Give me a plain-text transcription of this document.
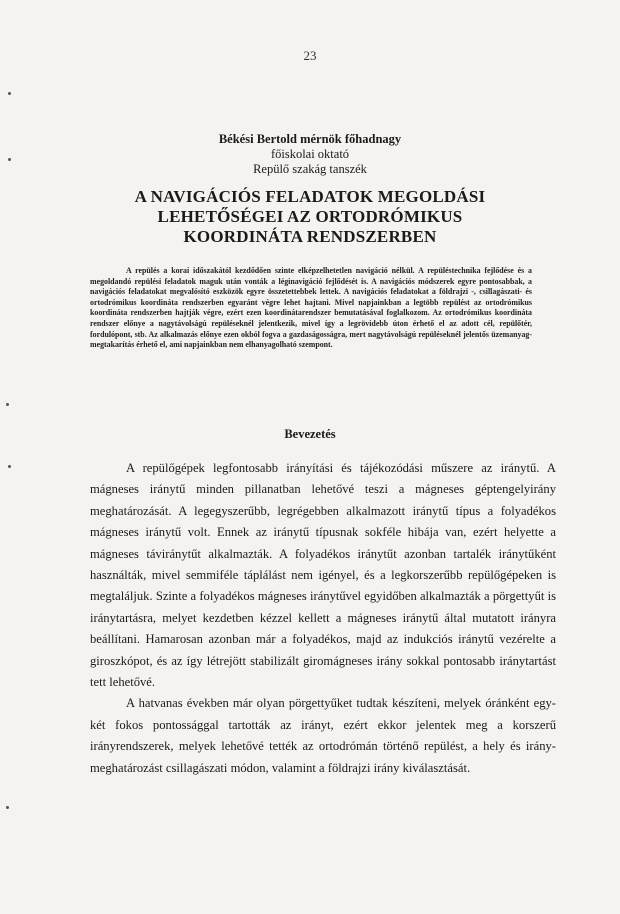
23
Békési Bertold mérnök főhadnagy
főiskolai oktató
Repülő szakág tanszék
A NAVIGÁCIÓS FELADATOK MEGOLDÁSI
LEHETŐSÉGEI AZ ORTODRÓMIKUS
KOORDINÁTA RENDSZERBEN

A repülés a korai időszakától kezdődően szinte elképzelhetetlen navigáció nélkül. A repüléstechnika fejlődése és a megoldandó repülési feladatok maguk után vonták a léginavigáció fejlődését is. A navigációs módszerek egyre pontosabbak, a navigációs feladatokat megvalósító eszközök egyre összetettebbek lettek. A navigációs feladatokat a földrajzi -, csillagászati- és ortodrómikus koordináta rendszerben egyaránt végre lehet hajtani. Mivel napjainkban a legtöbb repülést az ortodrómikus koordináta rendszerben hajtják végre, ezért ezen koordinátarendszer bemutatásával foglalkozom. Az ortodrómikus koordináta rendszer előnye a nagytávolságú repüléseknél jelentkezik, mivel így a legrövidebb úton érhető el az adott cél, repülőtér, fordulópont, stb. Az alkalmazás előnye ezen okból fogva a gazdaságosságra, mert nagytávolságú repüléseknél jelentős üzemanyag-megtakarítás érhető el, ami napjainkban nem elhanyagolható szempont.

Bevezetés

A repülőgépek legfontosabb irányítási és tájékozódási műszere az iránytű. A mágneses iránytű minden pillanatban lehetővé teszi a mágneses géptengelyirány meghatározását. A legegyszerűbb, legrégebben alkalmazott iránytű típus a folyadékos mágneses iránytű volt. Ennek az iránytű típusnak sokféle hibája van, ezért helyette a mágneses táviránytűt alkalmazták. A folyadékos iránytűt azonban tartalék iránytűként használták, mivel semmiféle táplálást nem igényel, és a legkorszerűbb repülőgépeken is megtaláljuk. Szinte a folyadékos mágneses iránytűvel egyidőben alkalmazták a pörgettyűt is iránytartásra, melyet kezdetben kézzel kellett a mágneses iránytű által mutatott irányra beállítani. Hamarosan azonban már a folyadékos, majd az indukciós iránytű vezérelte a giroszkópot, és az így létrejött stabilizált giromágneses irány sokkal pontosabb iránytartást tett lehetővé.

A hatvanas években már olyan pörgettyűket tudtak készíteni, melyek óránként egy-két fokos pontossággal tartották az irányt, ezért ekkor jelentek meg a korszerű irányrendszerek, melyek lehetővé tették az ortodrómán történő repülést, a hely és irány-meghatározást csillagászati módon, valamint a földrajzi irány kiválasztását.
